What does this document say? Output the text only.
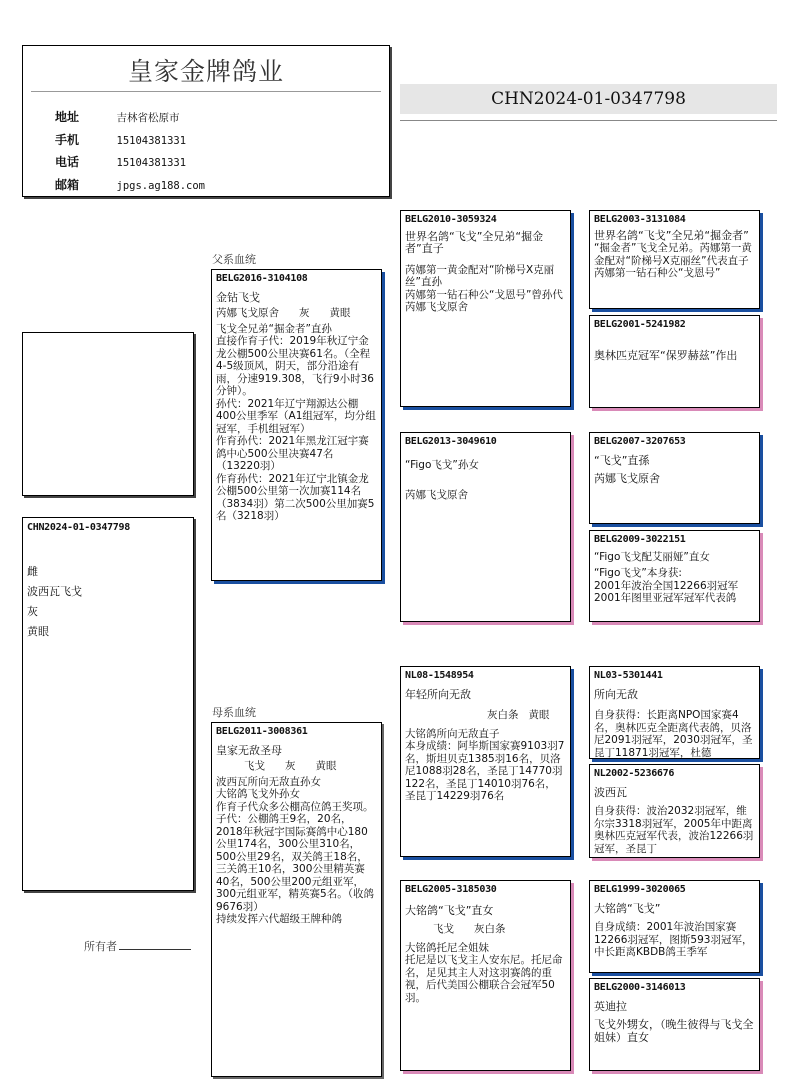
皇家金牌鸽业
地址	吉林省松原市
手机	15104381331
电话	15104381331
邮箱	jpgs.ag188.com
CHN2024-01-0347798
CHN2024-01-0347798
雌
波西瓦飞戈
灰
黄眼
所有者
父系血统
母系血统
BELG2016-3104108
金钻飞戈
芮娜飞戈原舍      灰      黄眼
飞戈全兄弟“掘金者”直孙
直接作育子代：2019年秋辽宁金龙公棚500公里决赛61名。（全程4-5级顶风，阴天，部分沿途有雨，分速919.308，飞行9小时36分钟）。
孙代：2021年辽宁翔源达公棚400公里季军（A1组冠军，均分组冠军，手机组冠军）
作育孙代：2021年黑龙江冠宇赛鸽中心500公里决赛47名（13220羽）
作育孙代：2021年辽宁北镇金龙公棚500公里第一次加赛114名（3834羽）第二次500公里加赛5名（3218羽）
BELG2011-3008361
皇家无敌圣母
飞戈      灰      黄眼
波西瓦所向无敌直孙女
大铭鸽飞戈外孙女
作育子代众多公棚高位鸽王奖项。
子代：公棚鸽王9名，20名，2018年秋冠宇国际赛鸽中心180公里174名，300公里310名，500公里29名，双关鸽王18名，三关鸽王10名，300公里精英赛40名，500公里200元组亚军，300元组亚军，精英赛5名。（收鸽9676羽）
持续发挥六代超级王牌种鸽
BELG2010-3059324
世界名鸽“飞戈”全兄弟“掘金者”直子
芮娜第一黄金配对“阶梯号X克丽丝”直孙
芮娜第一钻石种公“戈恩号”曾孙代
芮娜飞戈原舍
BELG2013-3049610
“Figo飞戈”孙女
芮娜飞戈原舍
NL08-1548954
年轻所向无敌
灰白条   黄眼
大铭鸽所向无敌直子
本身成绩：阿毕斯国家赛9103羽7名，斯坦贝克1385羽16名，贝洛尼1088羽28名，圣昆丁14770羽122名，圣昆丁14010羽76名，圣昆丁14229羽76名
BELG2005-3185030
大铭鸽“飞戈”直女
飞戈      灰白条
大铭鸽托尼全姐妹
托尼是以飞戈主人安东尼。托尼命名，足见其主人对这羽赛鸽的重视，后代美国公棚联合会冠军50羽。
BELG2003-3131084
世界名鸽“飞戈”全兄弟“掘金者”
“掘金者”飞戈全兄弟。芮娜第一黄金配对“阶梯号X克丽丝”代表直子
芮娜第一钻石种公“戈恩号”
BELG2001-5241982
奥林匹克冠军“保罗赫兹”作出
BELG2007-3207653
“飞戈”直孫
芮娜飞戈原舍
BELG2009-3022151
“Figo飞戈配艾丽娅”直女
“Figo飞戈”本身获:
2001年波治全国12266羽冠军
2001年图里亚冠军冠军代表鸽
NL03-5301441
所向无敌
自身获得：长距离NPO国家赛4名，奥林匹克全距离代表鸽，贝洛尼2091羽冠军，2030羽冠军，圣昆丁11871羽冠军，杜德
NL2002-5236676
波西瓦
自身获得：波治2032羽冠军，维尔宗3318羽冠军，2005年中距离奥林匹克冠军代表，波治12266羽冠军，圣昆丁
BELG1999-3020065
大铭鸽“飞戈”
自身成绩：2001年波治国家赛12266羽冠军，图斯593羽冠军，中长距离KBDB鸽王季军
BELG2000-3146013
英迪拉
飞戈外甥女，（晚生彼得与飞戈全姐妹）直女
